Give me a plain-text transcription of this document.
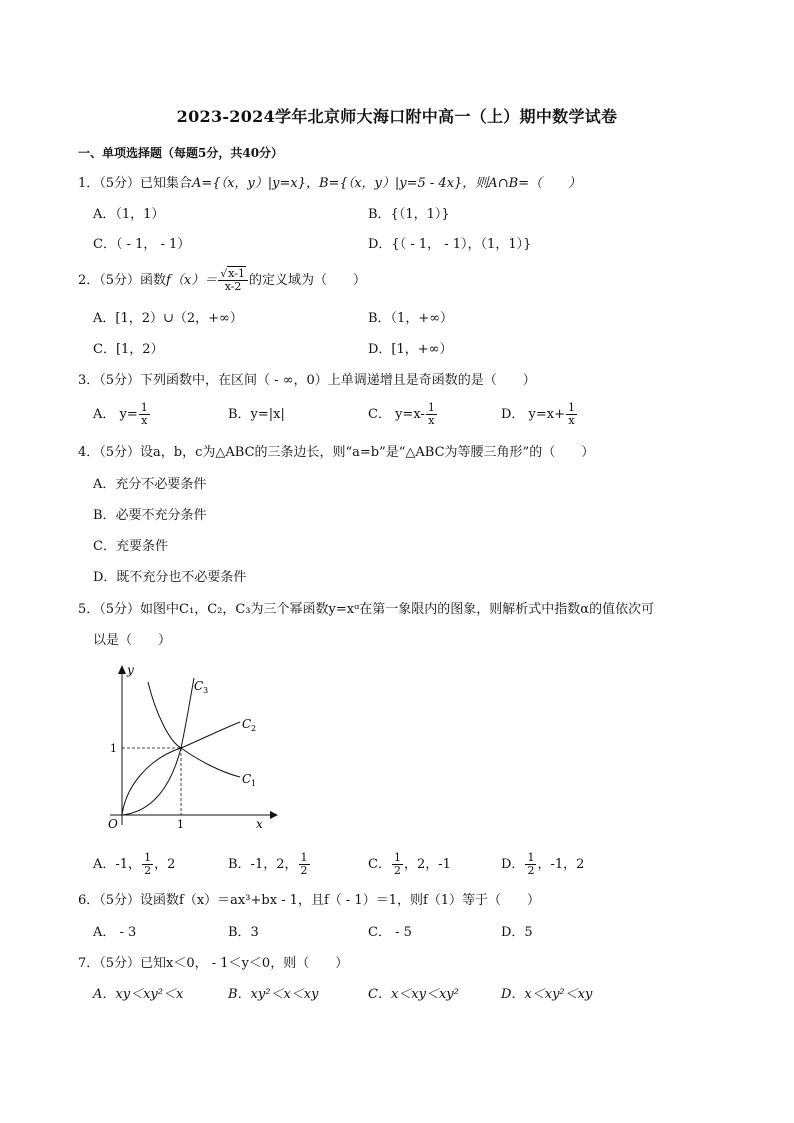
2023-2024学年北京师大海口附中高一（上）期中数学试卷
一、单项选择题（每题5分，共40分）
1．（5分）已知集合A={（x，y）|y=x}，B={（x，y）|y=5 - 4x}，则A∩B=（　　）
A．（1，1）	B．{（1，1）}
C．（ - 1， - 1）	D．{（ - 1， - 1），（1，1）}
2．（5分）函数$f(x)= \frac{√x-1}{x-2}$ 的定义域为（　　）
A．[1，2）∪（2，+∞）	B．（1，+∞）
C．[1，2）	D．[1，+∞）
3．（5分）下列函数中，在区间（ - ∞，0）上单调递增且是奇函数的是（　　）
A． $y= \frac{1}{x}$	B．y=|x|	C． $y=x- \frac{1}{x}$	D． $y=x+ \frac{1}{x}$
4．（5分）设a，b，c为△ABC的三条边长，则“a=b”是“△ABC为等腰三角形”的（　　）
A．充分不必要条件
B．必要不充分条件
C．充要条件
D．既不充分也不必要条件
5．（5分）如图中C₁，C₂，C₃为三个幂函数y=xᵅ在第一象限内的图象，则解析式中指数α的值依次可
以是（　　）
y
x
O	1
1
C 3
C 2
C 1
A．-1， $\frac{1}{2}$ ，2	B．-1，2， $\frac{1}{2}$	C． $\frac{1}{2}$ ，2，-1	D． $\frac{1}{2}$ ，-1，2
6．（5分）设函数f（x）＝ax³+bx - 1，且f（ - 1）＝1，则f（1）等于（　　）
A． - 3	B．3	C． - 5	D．5
7．（5分）已知x＜0， - 1＜y＜0，则（　　）
A．xy＜xy²＜x	B．xy²＜x＜xy	C．x＜xy＜xy²	D．x＜xy²＜xy
